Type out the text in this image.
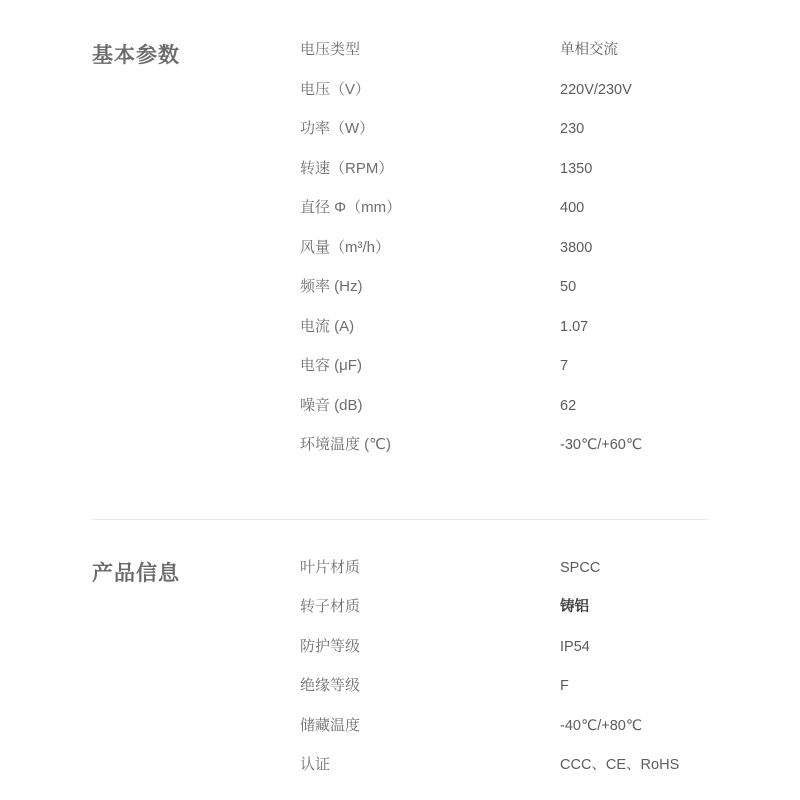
基本参数	电压类型	单相交流
电压（V）	220V/230V
功率（W）	230
转速（RPM）	1350
直径 Φ（mm）	400
风量（m³/h）	3800
频率 (Hz)	50
电流 (A)	1.07
电容 (μF)	7
噪音 (dB)	62
环境温度 (℃)	-30℃/+60℃
产品信息	叶片材质	SPCC
转子材质	铸铝
防护等级	IP54
绝缘等级	F
储藏温度	-40℃/+80℃
认证	CCC、CE、RoHS
